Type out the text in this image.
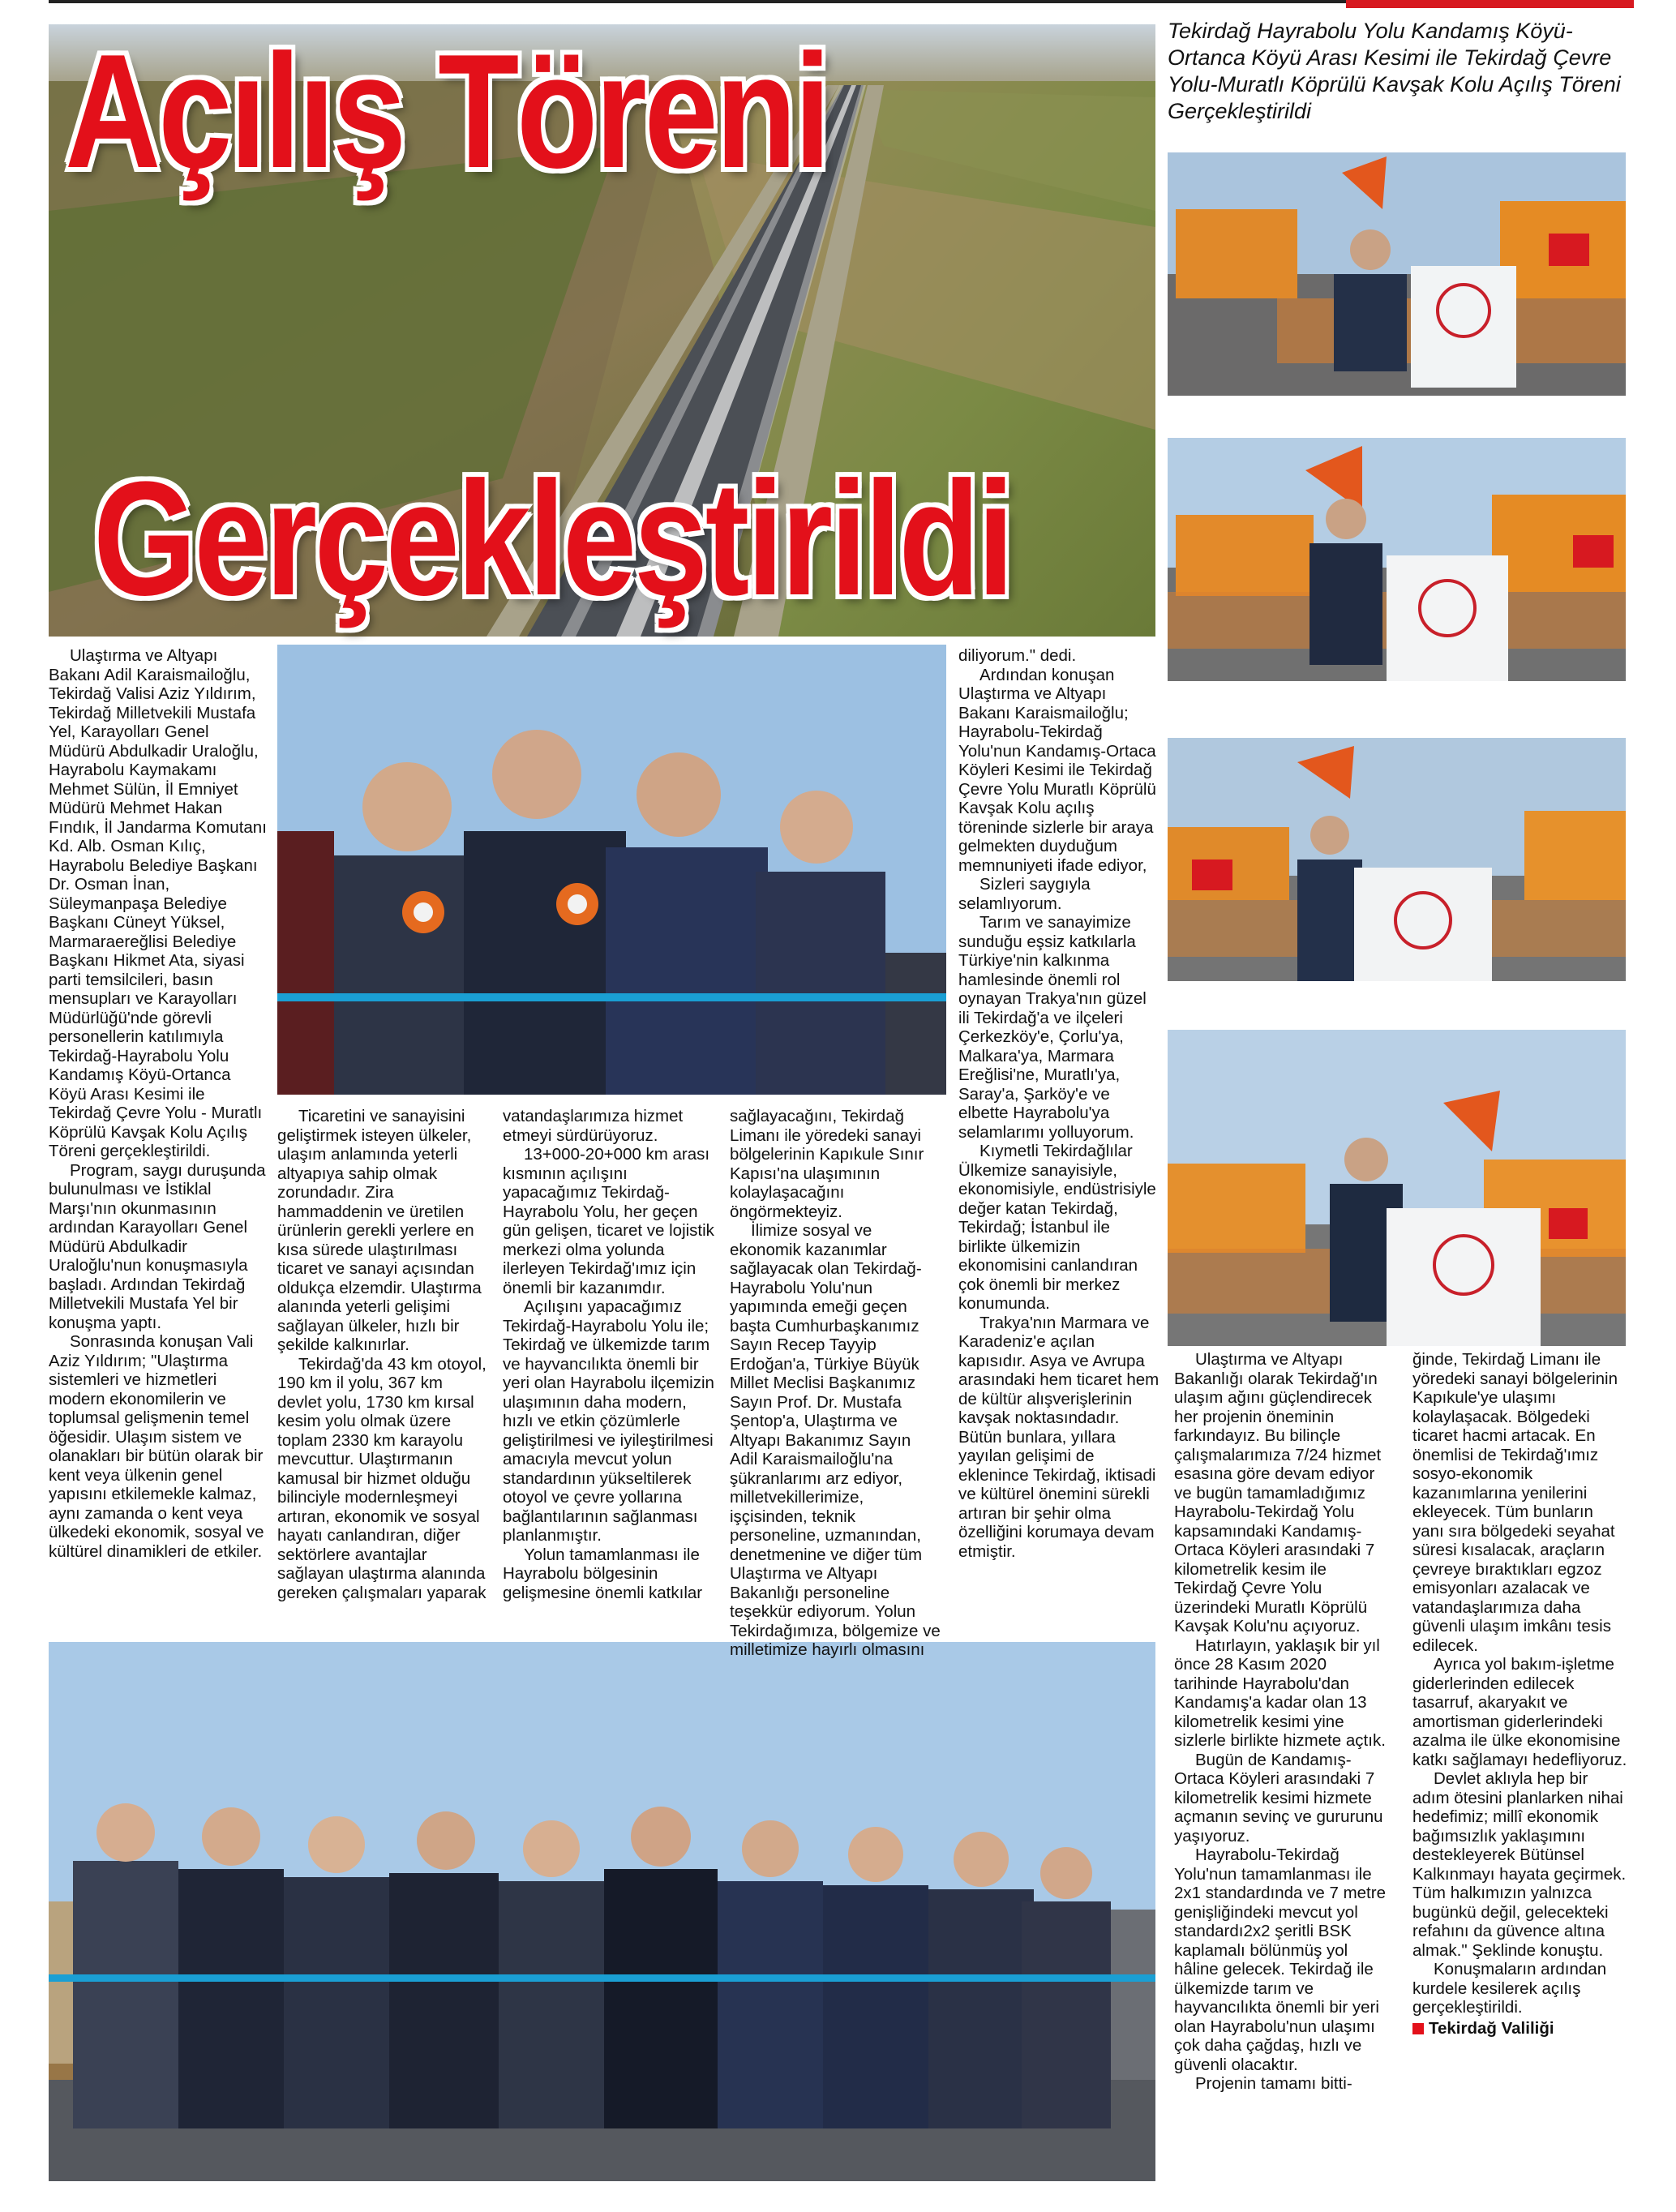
Açılış Töreni
Gerçekleştirildi
Tekirdağ Hayrabolu Yolu Kandamış Köyü-Ortanca Köyü Arası Kesimi ile Tekirdağ Çevre Yolu-Muratlı Köprülü Kavşak Kolu Açılış Töreni Gerçekleştirildi

Ulaştırma ve Altyapı Bakanı Adil Karaismailoğlu, Tekirdağ Valisi Aziz Yıldırım, Tekirdağ Milletvekili Mustafa Yel, Karayolları Genel Müdürü Abdulkadir Uraloğlu, Hayrabolu Kaymakamı Mehmet Sülün, İl Emniyet Müdürü Mehmet Hakan Fındık, İl Jandarma Komutanı Kd. Alb. Osman Kılıç, Hayrabolu Belediye Başkanı Dr. Osman İnan, Süleymanpaşa Belediye Başkanı Cüneyt Yüksel, Marmaraereğlisi Belediye Başkanı Hikmet Ata, siyasi parti temsilcileri, basın mensupları ve Karayolları Müdürlüğü'nde görevli personellerin katılımıyla Tekirdağ-Hayrabolu Yolu Kandamış Köyü-Ortanca Köyü Arası Kesimi ile Tekirdağ Çevre Yolu - Muratlı Köprülü Kavşak Kolu Açılış Töreni gerçekleştirildi.

Program, saygı duruşunda bulunulması ve İstiklal Marşı'nın okunmasının ardından Karayolları Genel Müdürü Abdulkadir Uraloğlu'nun konuşmasıyla başladı. Ardından Tekirdağ Milletvekili Mustafa Yel bir konuşma yaptı.

Sonrasında konuşan Vali Aziz Yıldırım; "Ulaştırma sistemleri ve hizmetleri modern ekonomilerin ve toplumsal gelişmenin temel öğesidir. Ulaşım sistem ve olanakları bir bütün olarak bir kent veya ülkenin genel yapısını etkilemekle kalmaz, aynı zamanda o kent veya ülkedeki ekonomik, sosyal ve kültürel dinamikleri de etkiler.

Ticaretini ve sanayisini geliştirmek isteyen ülkeler, ulaşım anlamında yeterli altyapıya sahip olmak zorundadır. Zira hammaddenin ve üretilen ürünlerin gerekli yerlere en kısa sürede ulaştırılması ticaret ve sanayi açısından oldukça elzemdir. Ulaştırma alanında yeterli gelişimi sağlayan ülkeler, hızlı bir şekilde kalkınırlar.

Tekirdağ'da 43 km otoyol, 190 km il yolu, 367 km devlet yolu, 1730 km kırsal kesim yolu olmak üzere toplam 2330 km karayolu mevcuttur. Ulaştırmanın kamusal bir hizmet olduğu bilinciyle modernleşmeyi artıran, ekonomik ve sosyal hayatı canlandıran, diğer sektörlere avantajlar sağlayan ulaştırma alanında gereken çalışmaları yaparak

vatandaşlarımıza hizmet etmeyi sürdürüyoruz.

13+000-20+000 km arası kısmının açılışını yapacağımız Tekirdağ-Hayrabolu Yolu, her geçen gün gelişen, ticaret ve lojistik merkezi olma yolunda ilerleyen Tekirdağ'ımız için önemli bir kazanımdır.

Açılışını yapacağımız Tekirdağ-Hayrabolu Yolu ile; Tekirdağ ve ülkemizde tarım ve hayvancılıkta önemli bir yeri olan Hayrabolu ilçemizin ulaşımının daha modern, hızlı ve etkin çözümlerle geliştirilmesi ve iyileştirilmesi amacıyla mevcut yolun standardının yükseltilerek otoyol ve çevre yollarına bağlantılarının sağlanması planlanmıştır.

Yolun tamamlanması ile Hayrabolu bölgesinin gelişmesine önemli katkılar

sağlayacağını, Tekirdağ Limanı ile yöredeki sanayi bölgelerinin Kapıkule Sınır Kapısı'na ulaşımının kolaylaşacağını öngörmekteyiz.

İlimize sosyal ve ekonomik kazanımlar sağlayacak olan Tekirdağ-Hayrabolu Yolu'nun yapımında emeği geçen başta Cumhurbaşkanımız Sayın Recep Tayyip Erdoğan'a, Türkiye Büyük Millet Meclisi Başkanımız Sayın Prof. Dr. Mustafa Şentop'a, Ulaştırma ve Altyapı Bakanımız Sayın Adil Karaismailoğlu'na şükranlarımı arz ediyor, milletvekillerimize, işçisinden, teknik personeline, uzmanından, denetmenine ve diğer tüm Ulaştırma ve Altyapı Bakanlığı personeline teşekkür ediyorum. Yolun Tekirdağımıza, bölgemize ve milletimize hayırlı olmasını

diliyorum." dedi.

Ardından konuşan Ulaştırma ve Altyapı Bakanı Karaismailoğlu; Hayrabolu-Tekirdağ Yolu'nun Kandamış-Ortaca Köyleri Kesimi ile Tekirdağ Çevre Yolu Muratlı Köprülü Kavşak Kolu açılış töreninde sizlerle bir araya gelmekten duyduğum memnuniyeti ifade ediyor,

Sizleri saygıyla selamlıyorum.

Tarım ve sanayimize sunduğu eşsiz katkılarla Türkiye'nin kalkınma hamlesinde önemli rol oynayan Trakya'nın güzel ili Tekirdağ'a ve ilçeleri Çerkezköy'e, Çorlu'ya, Malkara'ya, Marmara Ereğlisi'ne, Muratlı'ya, Saray'a, Şarköy'e ve elbette Hayrabolu'ya selamlarımı yolluyorum.

Kıymetli Tekirdağlılar Ülkemize sanayisiyle, ekonomisiyle, endüstrisiyle değer katan Tekirdağ, Tekirdağ; İstanbul ile birlikte ülkemizin ekonomisini canlandıran çok önemli bir merkez konumunda.

Trakya'nın Marmara ve Karadeniz'e açılan kapısıdır. Asya ve Avrupa arasındaki hem ticaret hem de kültür alışverişlerinin kavşak noktasındadır. Bütün bunlara, yıllara yayılan gelişimi de eklenince Tekirdağ, iktisadi ve kültürel önemini sürekli artıran bir şehir olma özelliğini korumaya devam etmiştir.

Ulaştırma ve Altyapı Bakanlığı olarak Tekirdağ'ın ulaşım ağını güçlendirecek her projenin öneminin farkındayız. Bu bilinçle çalışmalarımıza 7/24 hizmet esasına göre devam ediyor ve bugün tamamladığımız Hayrabolu-Tekirdağ Yolu kapsamındaki Kandamış-Ortaca Köyleri arasındaki 7 kilometrelik kesim ile Tekirdağ Çevre Yolu üzerindeki Muratlı Köprülü Kavşak Kolu'nu açıyoruz.

Hatırlayın, yaklaşık bir yıl önce 28 Kasım 2020 tarihinde Hayrabolu'dan Kandamış'a kadar olan 13 kilometrelik kesimi yine sizlerle birlikte hizmete açtık.

Bugün de Kandamış-Ortaca Köyleri arasındaki 7 kilometrelik kesimi hizmete açmanın sevinç ve gururunu yaşıyoruz.

Hayrabolu-Tekirdağ Yolu'nun tamamlanması ile 2x1 standardında ve 7 metre genişliğindeki mevcut yol standardı2x2 şeritli BSK kaplamalı bölünmüş yol hâline gelecek. Tekirdağ ile ülkemizde tarım ve hayvancılıkta önemli bir yeri olan Hayrabolu'nun ulaşımı çok daha çağdaş, hızlı ve güvenli olacaktır.

Projenin tamamı bitti-

ğinde, Tekirdağ Limanı ile yöredeki sanayi bölgelerinin Kapıkule'ye ulaşımı kolaylaşacak. Bölgedeki ticaret hacmi artacak. En önemlisi de Tekirdağ'ımız sosyo-ekonomik kazanımlarına yenilerini ekleyecek. Tüm bunların yanı sıra bölgedeki seyahat süresi kısalacak, araçların çevreye bıraktıkları egzoz emisyonları azalacak ve vatandaşlarımıza daha güvenli ulaşım imkânı tesis edilecek.

Ayrıca yol bakım-işletme giderlerinden edilecek tasarruf, akaryakıt ve amortisman giderlerindeki azalma ile ülke ekonomisine katkı sağlamayı hedefliyoruz.

Devlet aklıyla hep bir adım ötesini planlarken nihai hedefimiz; millî ekonomik bağımsızlık yaklaşımını destekleyerek Bütünsel Kalkınmayı hayata geçirmek. Tüm halkımızın yalnızca bugünkü değil, gelecekteki refahını da güvence altına almak." Şeklinde konuştu.

Konuşmaların ardından kurdele kesilerek açılış gerçekleştirildi.

Tekirdağ Valiliği
